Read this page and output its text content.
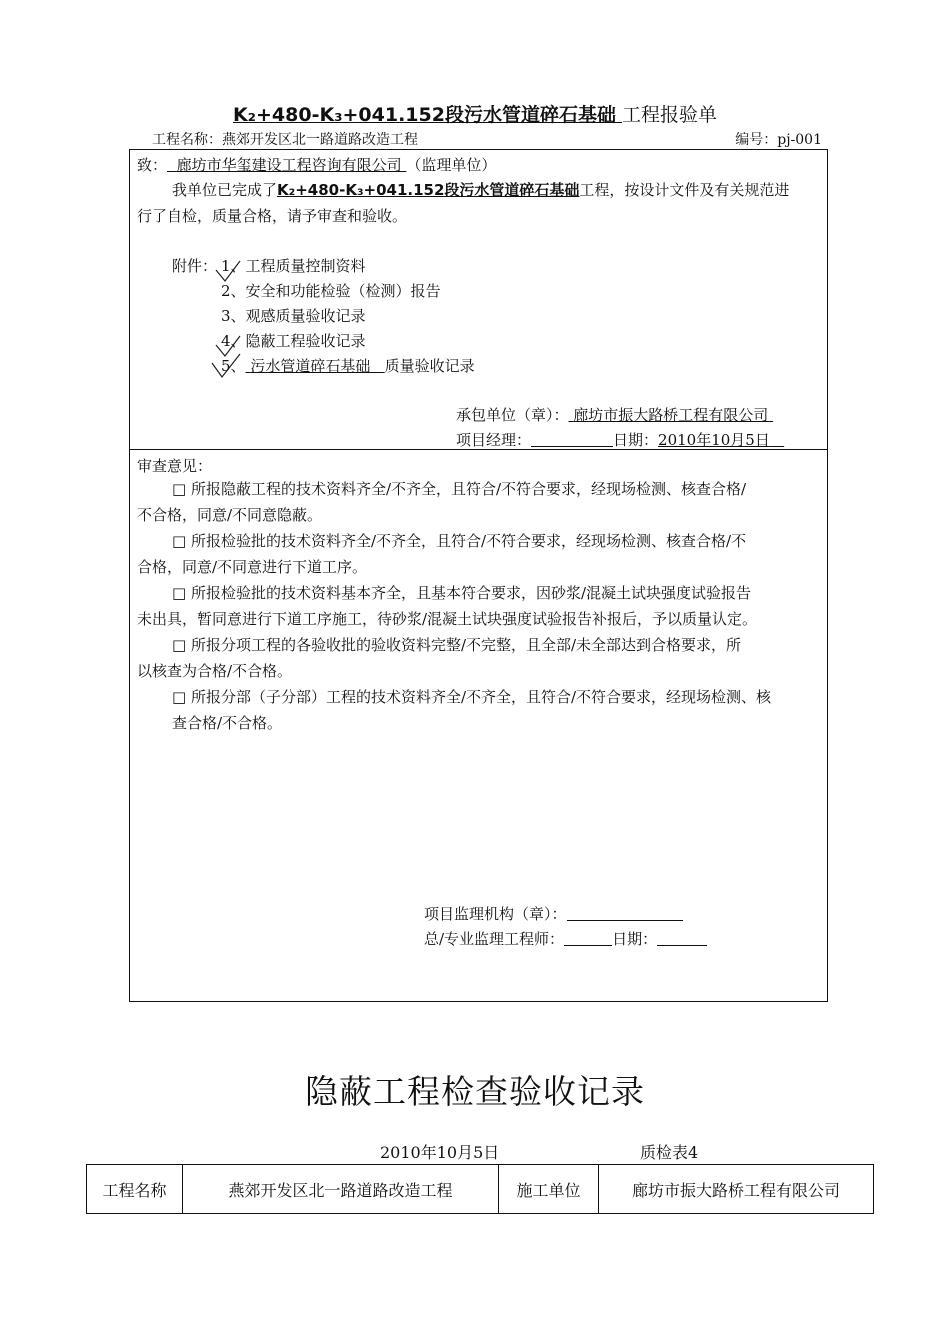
K₂+480-K₃+041.152段污水管道碎石基础 工程报验单
工程名称：燕郊开发区北一路道路改造工程	编号：pj-001
致： 廊坊市华玺建设工程咨询有限公司 （监理单位）
我单位已完成了K₂+480-K₃+041.152段污水管道碎石基础工程，按设计文件及有关规范进
行了自检，质量合格，请予审查和验收。
附件： 1、工程质量控制资料
2、安全和功能检验（检测）报告
3、观感质量验收记录
4、隐蔽工程验收记录
5、 污水管道碎石基础 质量验收记录
承包单位（章）： 廊坊市振大路桥工程有限公司
项目经理：	日期：2010年10月5日
审查意见：
□ 所报隐蔽工程的技术资料齐全/不齐全，且符合/不符合要求，经现场检测、核查合格/
不合格，同意/不同意隐蔽。
□ 所报检验批的技术资料齐全/不齐全，且符合/不符合要求，经现场检测、核查合格/不
合格，同意/不同意进行下道工序。
□ 所报检验批的技术资料基本齐全，且基本符合要求，因砂浆/混凝土试块强度试验报告
未出具，暂同意进行下道工序施工，待砂浆/混凝土试块强度试验报告补报后，予以质量认定。
□ 所报分项工程的各验收批的验收资料完整/不完整，且全部/未全部达到合格要求，所
以核查为合格/不合格。
□ 所报分部（子分部）工程的技术资料齐全/不齐全，且符合/不符合要求，经现场检测、核
查合格/不合格。
项目监理机构（章）：
总/专业监理工程师：	日期：
隐蔽工程检查验收记录
2010年10月5日	质检表4
工程名称	燕郊开发区北一路道路改造工程	施工单位	廊坊市振大路桥工程有限公司
